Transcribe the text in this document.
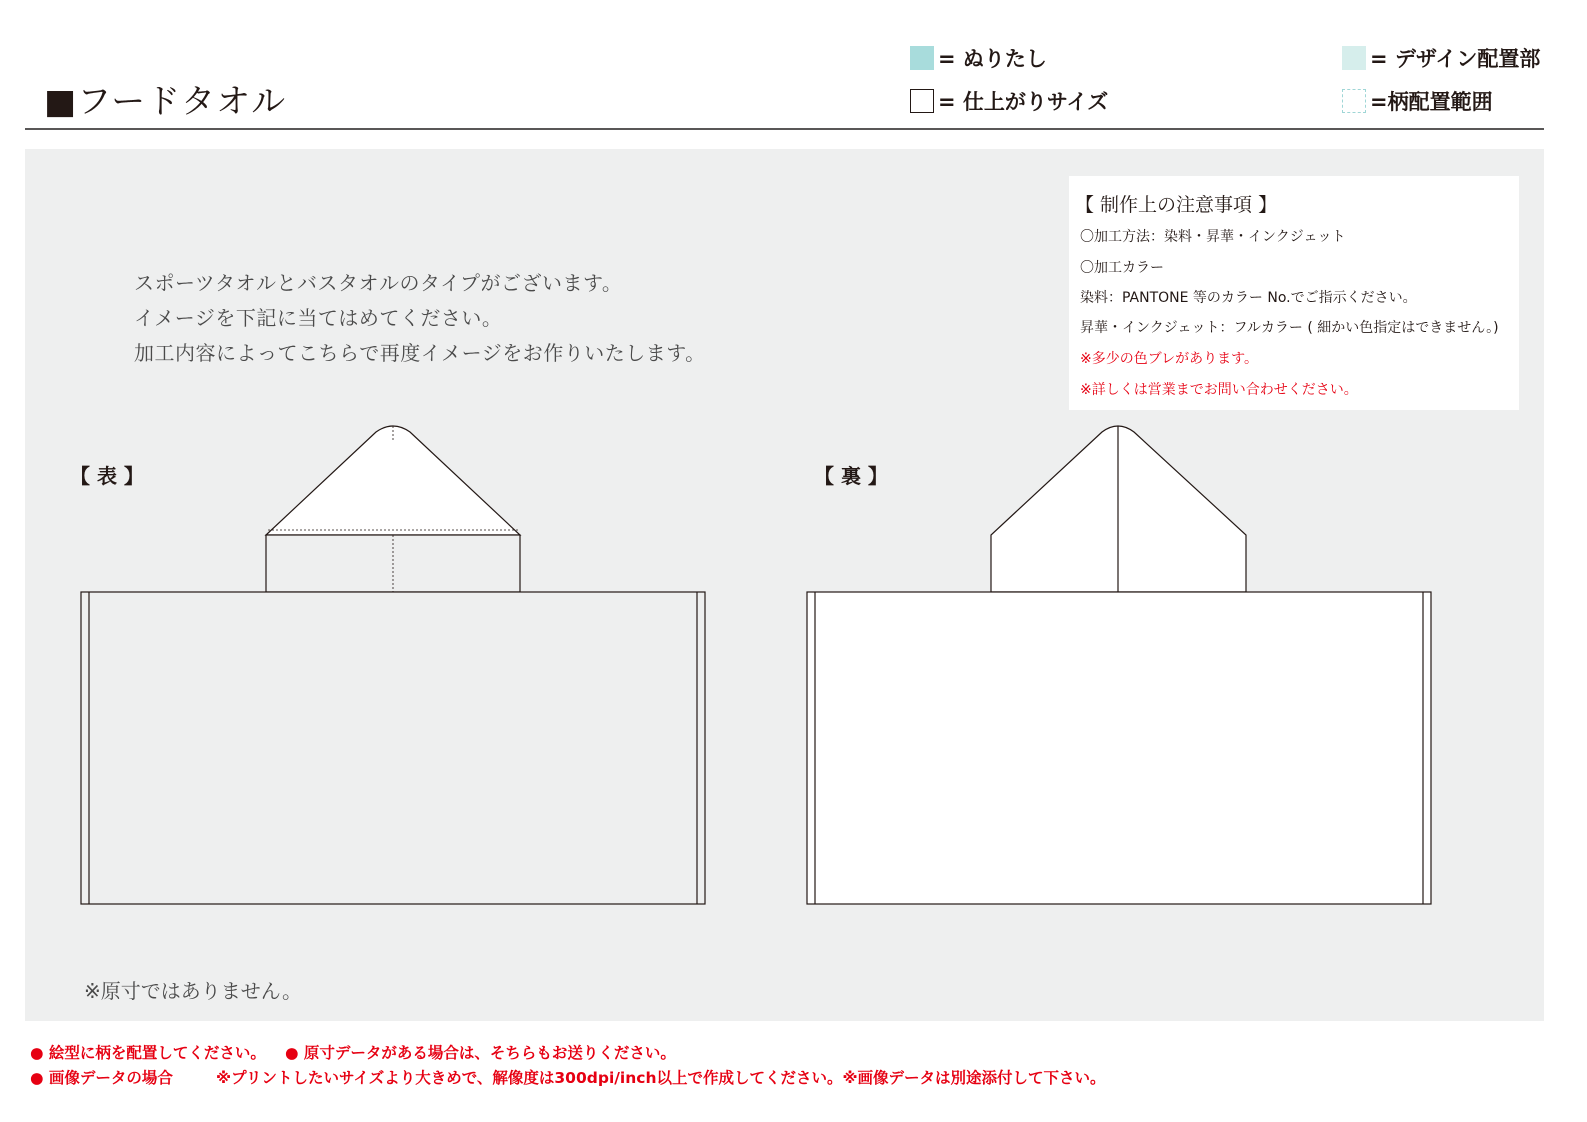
■フードタオル
= ぬりたし
= 仕上がりサイズ
= デザイン配置部
=柄配置範囲
スポーツタオルとバスタオルのタイプがございます。
イメージを下記に当てはめてください。
加工内容によってこちらで再度イメージをお作りいたします。
【 制作上の注意事項 】
〇加工方法：染料・昇華・インクジェット
〇加工カラー
染料：PANTONE 等のカラー No.でご指示ください。
昇華・インクジェット：フルカラー ( 細かい色指定はできません。)
※多少の色ブレがあります。
※詳しくは営業までお問い合わせください。
【 表 】	【 裏 】
※原寸ではありません。
● 絵型に柄を配置してください。 ● 原寸データがある場合は、そちらもお送りください。
● 画像データの場合	※プリントしたいサイズより大きめで、解像度は300dpi/inch以上で作成してください。※画像データは別途添付して下さい。
